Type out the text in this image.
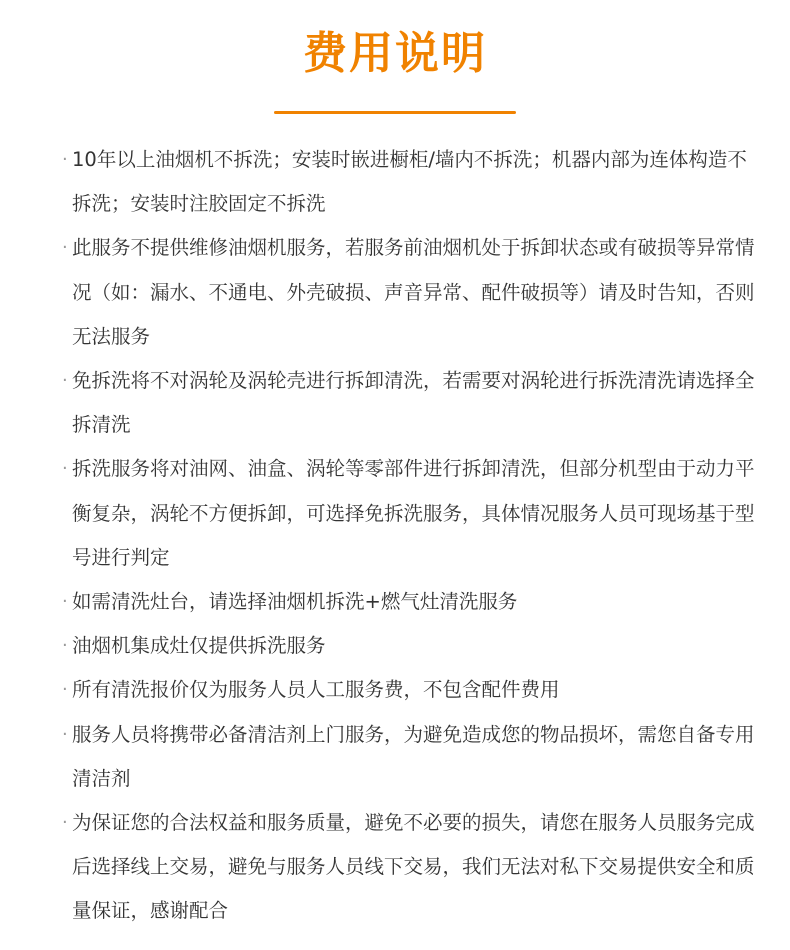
费用说明
· 10年以上油烟机不拆洗；安装时嵌进橱柜/墙内不拆洗；机器内部为连体构造不拆洗；安装时注胶固定不拆洗
· 此服务不提供维修油烟机服务，若服务前油烟机处于拆卸状态或有破损等异常情况（如：漏水、不通电、外壳破损、声音异常、配件破损等）请及时告知，否则无法服务
· 免拆洗将不对涡轮及涡轮壳进行拆卸清洗，若需要对涡轮进行拆洗清洗请选择全拆清洗
· 拆洗服务将对油网、油盒、涡轮等零部件进行拆卸清洗，但部分机型由于动力平衡复杂，涡轮不方便拆卸，可选择免拆洗服务，具体情况服务人员可现场基于型号进行判定
· 如需清洗灶台，请选择油烟机拆洗+燃气灶清洗服务
· 油烟机集成灶仅提供拆洗服务
· 所有清洗报价仅为服务人员人工服务费，不包含配件费用
· 服务人员将携带必备清洁剂上门服务，为避免造成您的物品损坏，需您自备专用清洁剂
· 为保证您的合法权益和服务质量，避免不必要的损失，请您在服务人员服务完成后选择线上交易，避免与服务人员线下交易，我们无法对私下交易提供安全和质量保证，感谢配合
